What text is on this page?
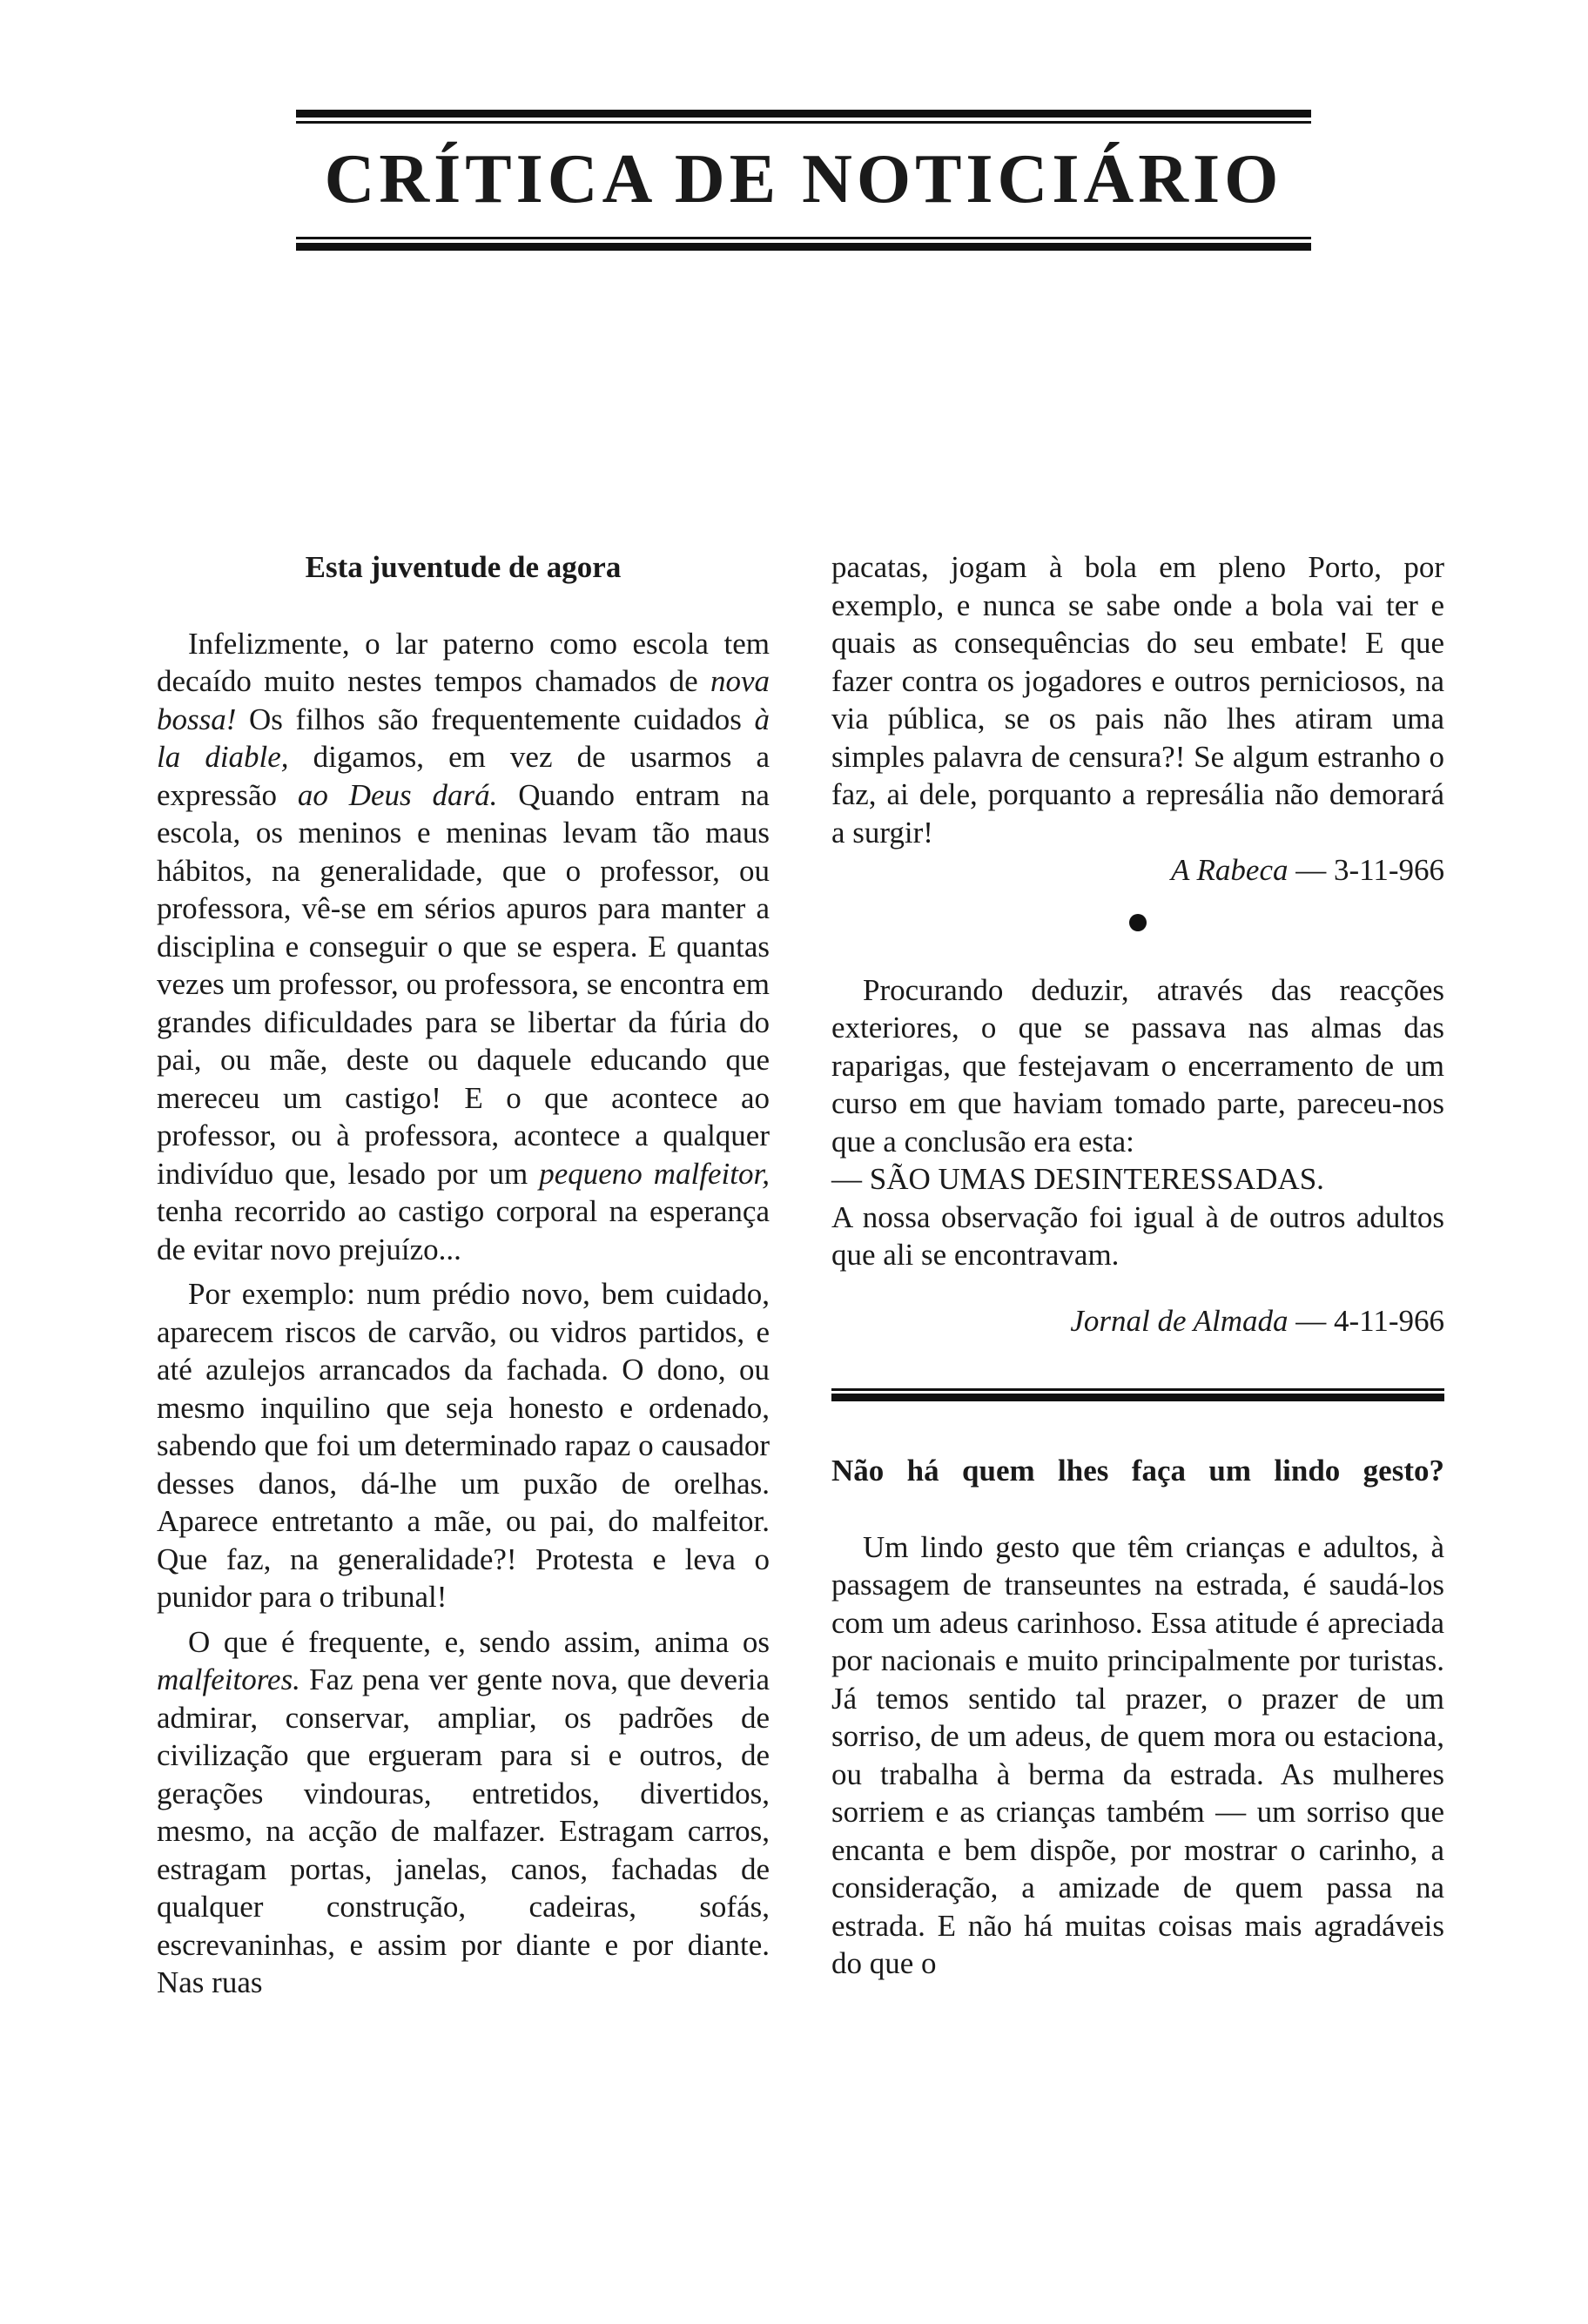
CRÍTICA DE NOTICIÁRIO
Esta juventude de agora

Infelizmente, o lar paterno como escola tem decaído muito nestes tempos chamados de nova bossa! Os filhos são frequentemente cuidados à la diable, digamos, em vez de usarmos a expressão ao Deus dará. Quando entram na escola, os meninos e meninas levam tão maus hábitos, na generalidade, que o professor, ou professora, vê-se em sérios apuros para manter a disciplina e conseguir o que se espera. E quantas vezes um professor, ou professora, se encontra em grandes dificuldades para se libertar da fúria do pai, ou mãe, deste ou daquele educando que mereceu um castigo! E o que acontece ao professor, ou à professora, acontece a qualquer indivíduo que, lesado por um pequeno malfeitor, tenha recorrido ao castigo corporal na esperança de evitar novo prejuízo...

Por exemplo: num prédio novo, bem cuidado, aparecem riscos de carvão, ou vidros partidos, e até azulejos arrancados da fachada. O dono, ou mesmo inquilino que seja honesto e ordenado, sabendo que foi um determinado rapaz o causador desses danos, dá-lhe um puxão de orelhas. Aparece entretanto a mãe, ou pai, do malfeitor. Que faz, na generalidade?! Protesta e leva o punidor para o tribunal!

O que é frequente, e, sendo assim, anima os malfeitores. Faz pena ver gente nova, que deveria admirar, conservar, ampliar, os padrões de civilização que ergueram para si e outros, de gerações vindouras, entretidos, divertidos, mesmo, na acção de malfazer. Estragam carros, estragam portas, janelas, canos, fachadas de qualquer construção, cadeiras, sofás, escrevaninhas, e assim por diante e por diante. Nas ruas

pacatas, jogam à bola em pleno Porto, por exemplo, e nunca se sabe onde a bola vai ter e quais as consequências do seu embate! E que fazer contra os jogadores e outros perniciosos, na via pública, se os pais não lhes atiram uma simples palavra de censura?! Se algum estranho o faz, ai dele, porquanto a represália não demorará a surgir!

A Rabeca — 3-11-966

Procurando deduzir, através das reacções exteriores, o que se passava nas almas das raparigas, que festejavam o encerramento de um curso em que haviam tomado parte, pareceu-nos que a conclusão era esta:

— SÃO UMAS DESINTERESSADAS.

A nossa observação foi igual à de outros adultos que ali se encontravam.

Jornal de Almada — 4-11-966

Não há quem lhes faça um lindo gesto?

Um lindo gesto que têm crianças e adultos, à passagem de transeuntes na estrada, é saudá-los com um adeus carinhoso. Essa atitude é apreciada por nacionais e muito principalmente por turistas. Já temos sentido tal prazer, o prazer de um sorriso, de um adeus, de quem mora ou estaciona, ou trabalha à berma da estrada. As mulheres sorriem e as crianças também — um sorriso que encanta e bem dispõe, por mostrar o carinho, a consideração, a amizade de quem passa na estrada. E não há muitas coisas mais agradáveis do que o
